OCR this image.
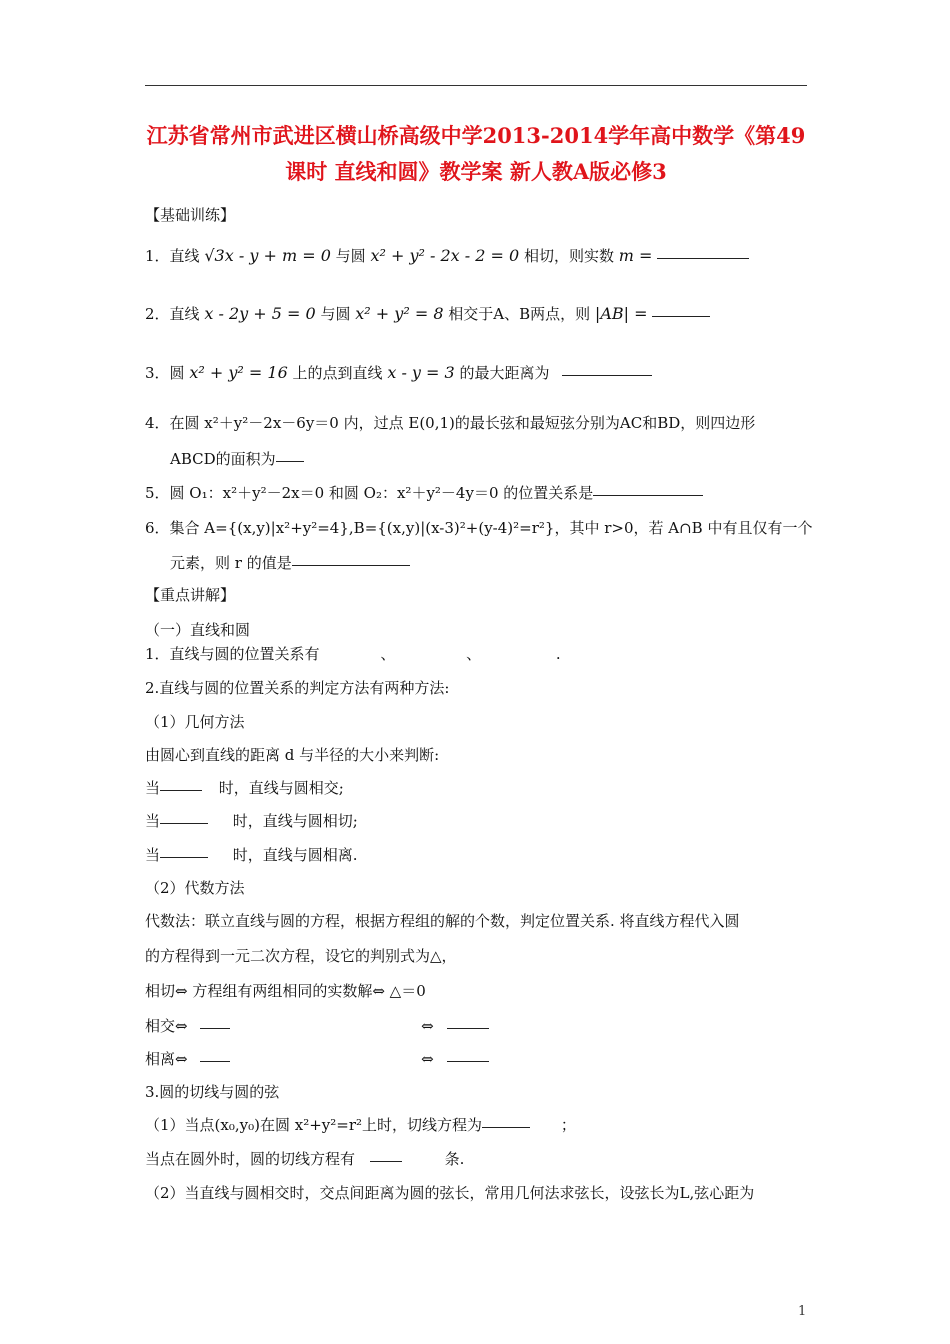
江苏省常州市武进区横山桥高级中学2013-2014学年高中数学《第49
课时 直线和圆》教学案 新人教A版必修3
【基础训练】
1．直线 √3x - y + m = 0 与圆 x² + y² - 2x - 2 = 0 相切，则实数 m =
2．直线 x - 2y + 5 = 0 与圆 x² + y² = 8 相交于A、B两点，则 |AB| =
3．圆 x² + y² = 16 上的点到直线 x - y = 3 的最大距离为
4．在圆 x²＋y²－2x－6y＝0 内，过点 E(0,1)的最长弦和最短弦分别为AC和BD，则四边形
ABCD的面积为
5．圆 O₁：x²＋y²－2x＝0 和圆 O₂：x²＋y²－4y＝0 的位置关系是
6．集合 A={(x,y)|x²+y²=4},B={(x,y)|(x-3)²+(y-4)²=r²}，其中 r>0，若 A∩B 中有且仅有一个
元素，则 r 的值是
【重点讲解】
（一）直线和圆
1．直线与圆的位置关系有	、	、	.
2.直线与圆的位置关系的判定方法有两种方法:
（1）几何方法
由圆心到直线的距离 d 与半径的大小来判断:
当	时，直线与圆相交;
当	时，直线与圆相切;
当	时，直线与圆相离.
（2）代数方法
代数法：联立直线与圆的方程，根据方程组的解的个数，判定位置关系. 将直线方程代入圆
的方程得到一元二次方程，设它的判别式为△，
相切⇔ 方程组有两组相同的实数解⇔ △＝0
相交⇔	⇔
相离⇔	⇔
3.圆的切线与圆的弦
（1）当点(x₀,y₀)在圆 x²+y²=r²上时，切线方程为	；
当点在圆外时，圆的切线方程有	条.
（2）当直线与圆相交时，交点间距离为圆的弦长，常用几何法求弦长，设弦长为L,弦心距为
1
